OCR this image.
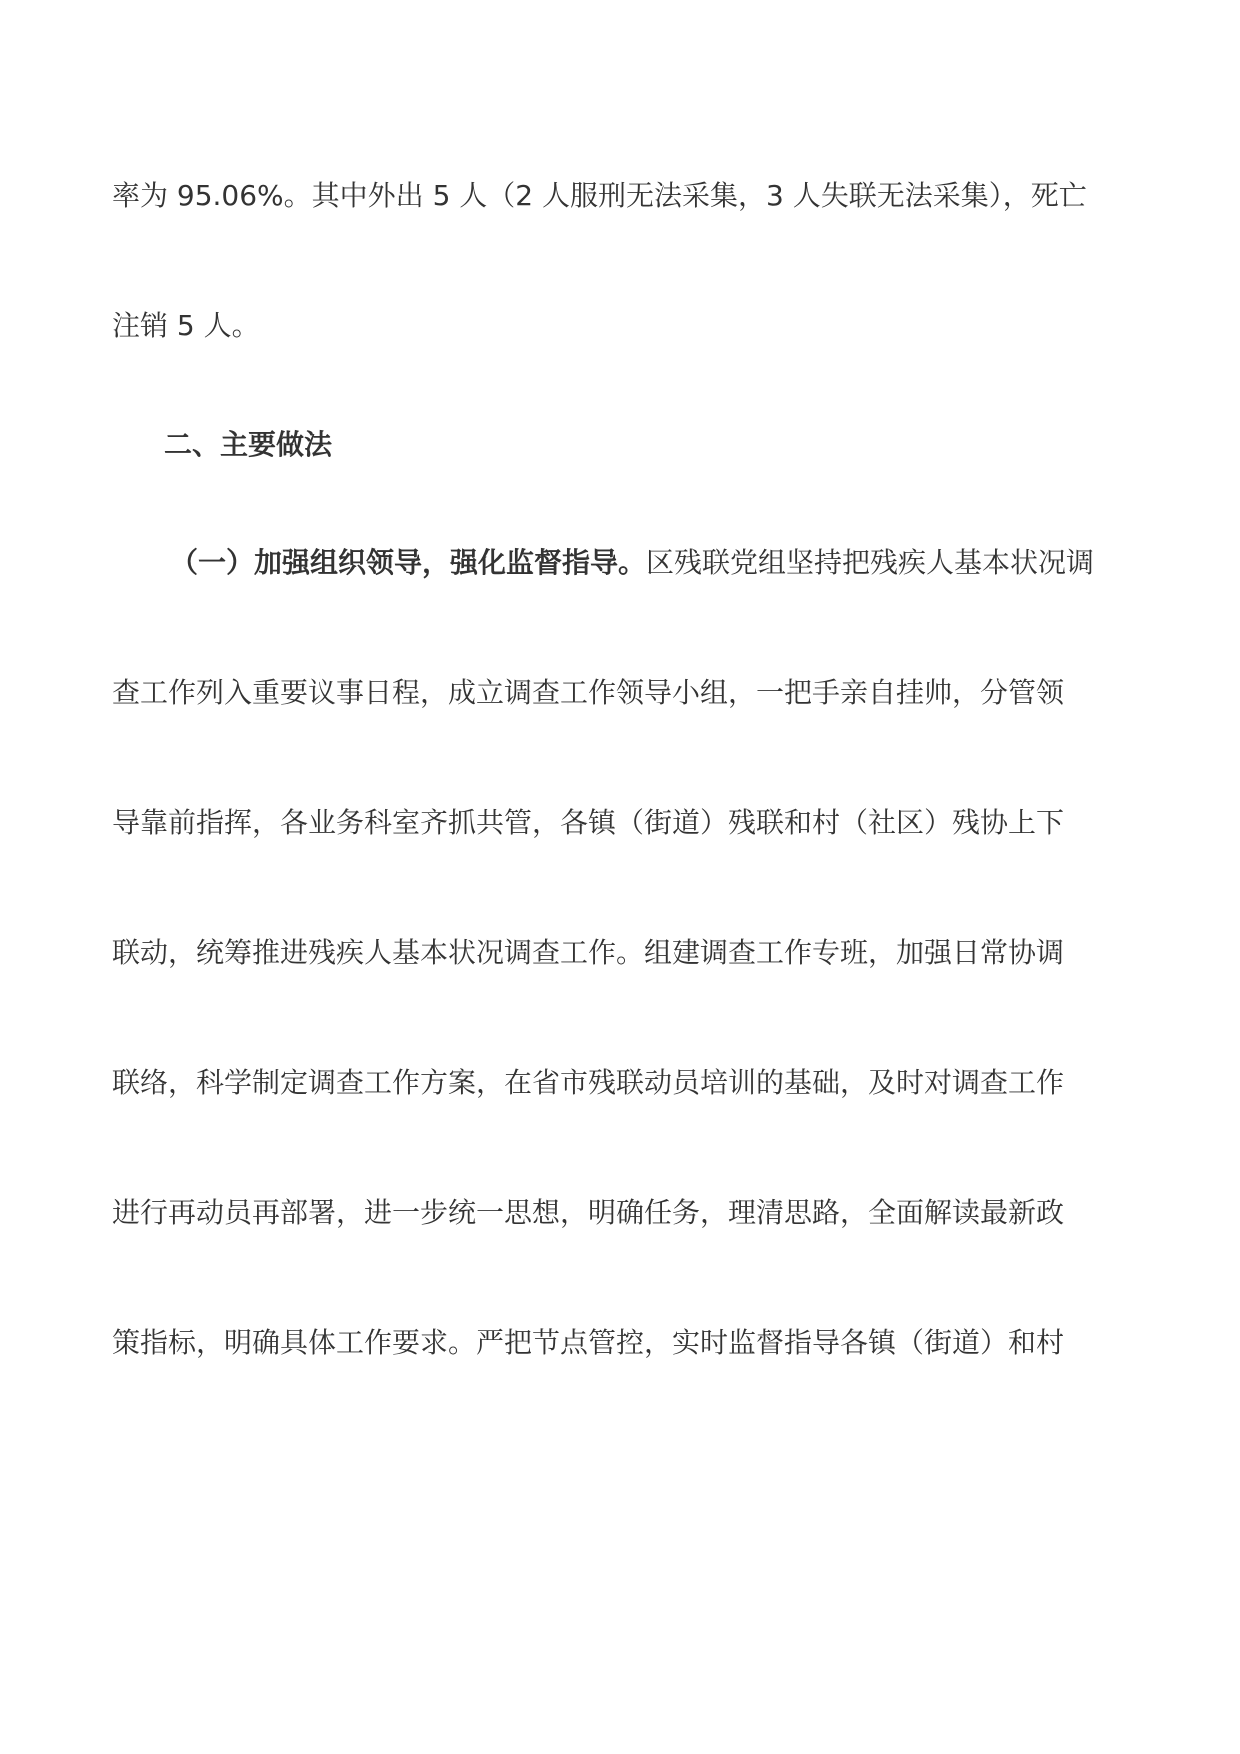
率为 95.06%。其中外出 5 人（2 人服刑无法采集，3 人失联无法采集），死亡
注销 5 人。
二、主要做法
（一）加强组织领导，强化监督指导。区残联党组坚持把残疾人基本状况调
查工作列入重要议事日程，成立调查工作领导小组，一把手亲自挂帅，分管领
导靠前指挥，各业务科室齐抓共管，各镇（街道）残联和村（社区）残协上下
联动，统筹推进残疾人基本状况调查工作。组建调查工作专班，加强日常协调
联络，科学制定调查工作方案，在省市残联动员培训的基础，及时对调查工作
进行再动员再部署，进一步统一思想，明确任务，理清思路，全面解读最新政
策指标，明确具体工作要求。严把节点管控，实时监督指导各镇（街道）和村
